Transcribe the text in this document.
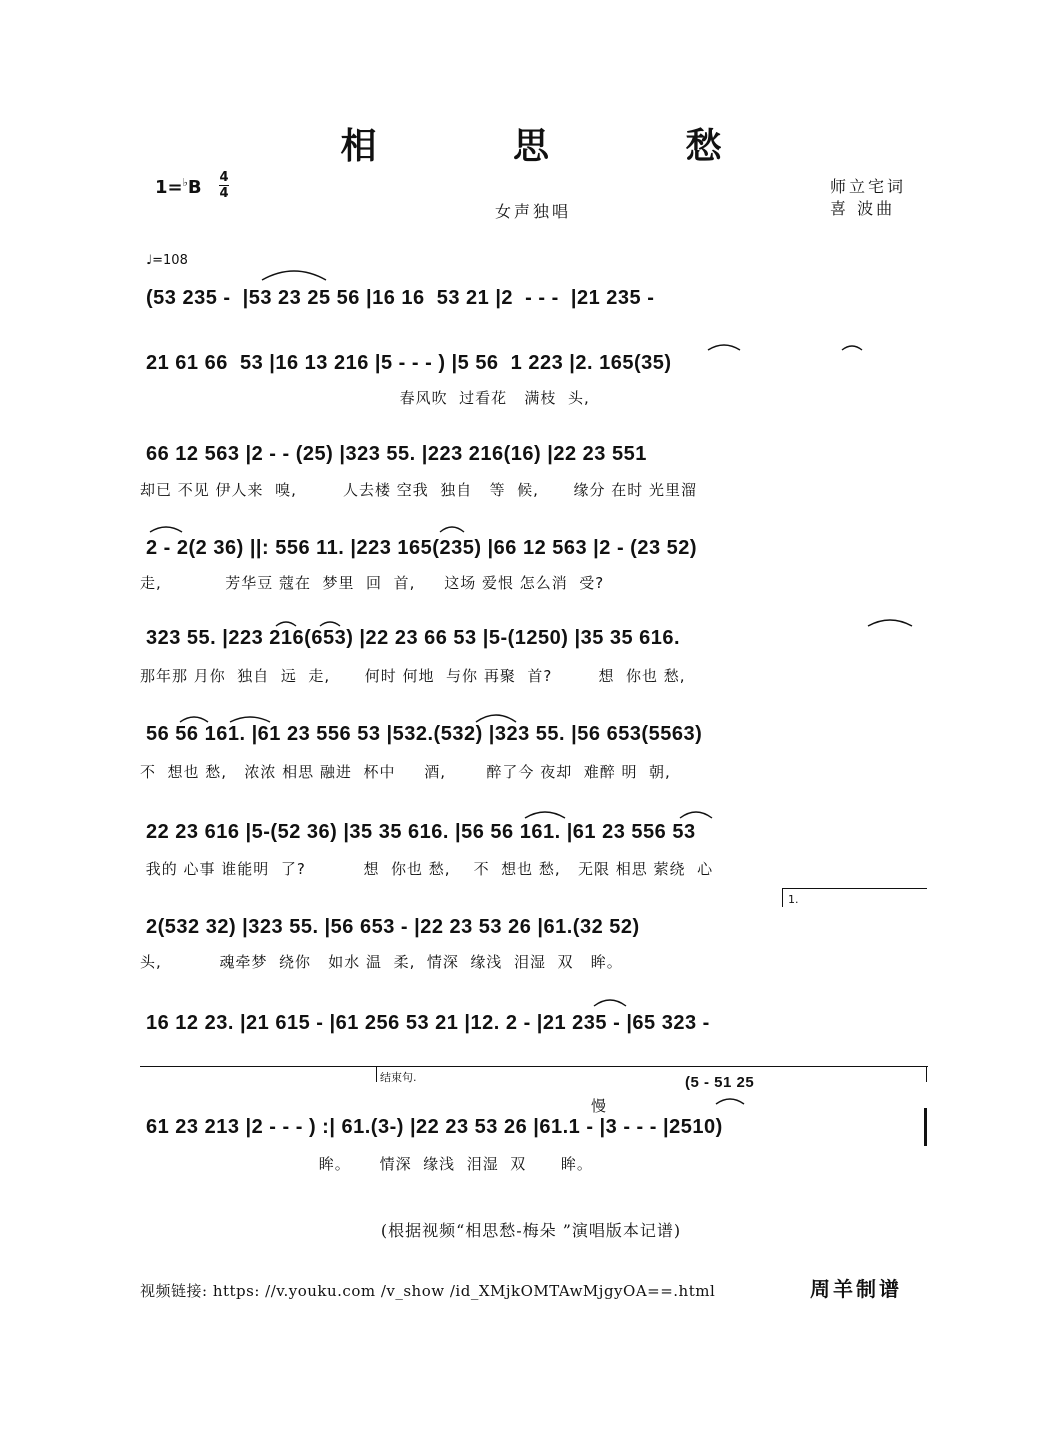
相 思 愁
1=♭B 4
4
女声独唱
师立宅词
喜 波曲
♩=108
(53 235 -  |53 23 25 56 |16 16  53 21 |2  - - -  |21 235 -
21 61 66  53 |16 13 216 |5 - - - ) |5 56  1 223 |2. 165(35)
春风吹  过看花   满枝  头,
66 12 563 |2 - - (25) |323 55. |223 216(16) |22 23 551
却已 不见 伊人来  嗅,        人去楼 空我  独自   等  候,      缘分 在时 光里溜
2 - 2(2 36) ||: 556 11. |223 165(235) |66 12 563 |2 - (23 52)
走,           芳华豆 蔻在  梦里  回  首,     这场 爱恨 怎么消  受?
323 55. |223 216(653) |22 23 66 53 |5-(1250) |35 35 616.
那年那 月你  独自  远  走,      何时 何地  与你 再聚  首?        想  你也 愁,
56 56 161. |61 23 556 53 |532.(532) |323 55. |56 653(5563)
不  想也 愁,   浓浓 相思 融进  杯中     酒,       醉了今 夜却  难醉 明  朝,
22 23 616 |5-(52 36) |35 35 616. |56 56 161. |61 23 556 53
我的 心事 谁能明  了?          想  你也 愁,    不  想也 愁,   无限 相思 萦绕  心
1.
2(532 32) |323 55. |56 653 - |22 23 53 26 |61.(32 52)
头,          魂牵梦  绕你   如水 温  柔,  情深  缘浅  泪湿  双   眸。
16 12 23. |21 615 - |61 256 53 21 |12. 2 - |21 235 - |65 323 -
结束句.	(5 - 51 25
慢
61 23 213 |2 - - - ) :| 61.(3-) |22 23 53 26 |61.1 - |3 - - - |2510)
眸。     情深  缘浅  泪湿  双      眸。
(根据视频“相思愁-梅朵 ”演唱版本记谱)
视频链接: https: //v.youku.com /v_show /id_XMjkOMTAwMjgyOA==.html	周羊制谱
